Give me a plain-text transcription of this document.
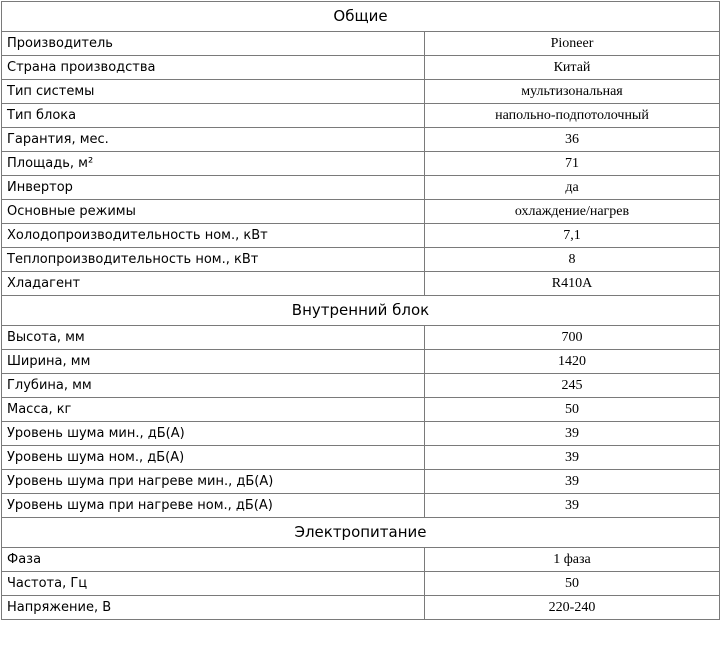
Общие	
Производитель	Pioneer
Страна производства	Китай
Тип системы	мультизональная
Тип блока	напольно-подпотолочный
Гарантия, мес.	36
Площадь, м²	71
Инвертор	да
Основные режимы	охлаждение/нагрев
Холодопроизводительность ном., кВт	7,1
Теплопроизводительность ном., кВт	8
Хладагент	R410A
Внутренний блок	
Высота, мм	700
Ширина, мм	1420
Глубина, мм	245
Масса, кг	50
Уровень шума мин., дБ(А)	39
Уровень шума ном., дБ(А)	39
Уровень шума при нагреве мин., дБ(А)	39
Уровень шума при нагреве ном., дБ(А)	39
Электропитание	
Фаза	1 фаза
Частота, Гц	50
Напряжение, В	220-240
